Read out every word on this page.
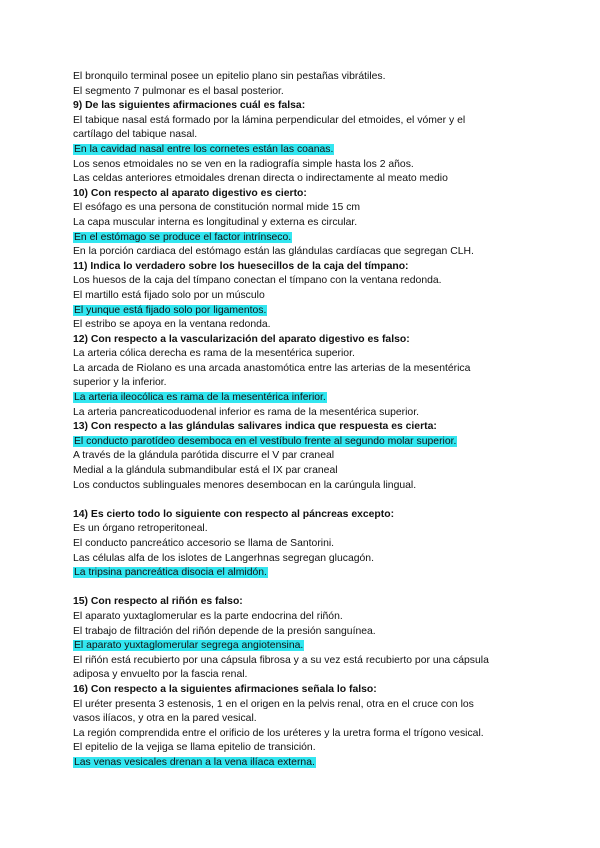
El bronquilo terminal posee un epitelio plano sin pestañas vibrátiles.
El segmento 7 pulmonar es el basal posterior.
9) De las siguientes afirmaciones cuál es falsa:
El tabique nasal está formado por la lámina perpendicular del etmoides, el vómer y el
cartílago del tabique nasal.
En la cavidad nasal entre los cornetes están las coanas.
Los senos etmoidales no se ven en la radiografía simple hasta los 2 años.
Las celdas anteriores etmoidales drenan directa o indirectamente al meato medio
10) Con respecto al aparato digestivo es cierto:
El esófago es una persona de constitución normal mide 15 cm
La capa muscular interna es longitudinal y externa es circular.
En el estómago se produce el factor intrínseco.
En la porción cardiaca del estómago están las glándulas cardíacas que segregan CLH.
11) Indica lo verdadero sobre los huesecillos de la caja del tímpano:
Los huesos de la caja del tímpano conectan el tímpano con la ventana redonda.
El martillo está fijado solo por un músculo
El yunque está fijado solo por ligamentos.
El estribo se apoya en la ventana redonda.
12) Con respecto a la vascularización del aparato digestivo es falso:
La arteria cólica derecha es rama de la mesentérica superior.
La arcada de Riolano es una arcada anastomótica entre las arterias de la mesentérica
superior y la inferior.
La arteria ileocólica es rama de la mesentérica inferior.
La arteria pancreaticoduodenal inferior es rama de la mesentérica superior.
13) Con respecto a las glándulas salivares indica que respuesta es cierta:
El conducto parotídeo desemboca en el vestíbulo frente al segundo molar superior.
A través de la glándula parótida discurre el V par craneal
Medial a la glándula submandibular está el IX par craneal
Los conductos sublinguales menores desembocan en la carúngula lingual.
14) Es cierto todo lo siguiente con respecto al páncreas excepto:
Es un órgano retroperitoneal.
El conducto pancreático accesorio se llama de Santorini.
Las células alfa de los islotes de Langerhnas segregan glucagón.
La tripsina pancreática disocia el almidón.
15) Con respecto al riñón es falso:
El aparato yuxtaglomerular es la parte endocrina del riñón.
El trabajo de filtración del riñón depende de la presión sanguínea.
El aparato yuxtaglomerular segrega angiotensina.
El riñón está recubierto por una cápsula fibrosa y a su vez está recubierto por una cápsula
adiposa y envuelto por la fascia renal.
16) Con respecto a la siguientes afirmaciones señala lo falso:
El uréter presenta 3 estenosis, 1 en el origen en la pelvis renal, otra en el cruce con los
vasos ilíacos, y otra en la pared vesical.
La región comprendida entre el orificio de los uréteres y la uretra forma el trígono vesical.
El epitelio de la vejiga se llama epitelio de transición.
Las venas vesicales drenan a la vena ilíaca externa.
